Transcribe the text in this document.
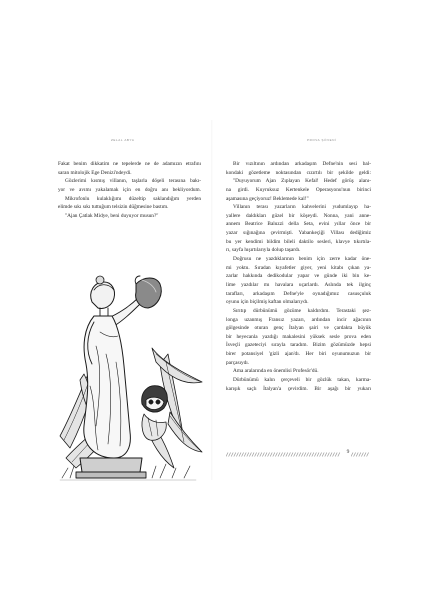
ZELAL ABYA
Fakat benim dikkatim ne tepelerde ne de adamızın etrafını
saran mitolojik Ege Denizi'ndeydi.
Gözlerimi kısmış villanın, taşlarla döşeli terasına bakı-
yor ve avımı yakalamak için en doğru anı bekliyordum.
Mikrofonlu kulaklığımı düzeltip saklandığım yerden
elimde sıkı sıkı tuttuğum telsizin düğmesine bastım.
"Ajan Çatlak Midye, beni duyuyor musun?"
PROVA ŞÖVENİ
Bir vızıltının ardından arkadaşım Defne'nin sesi bal-
kondaki gözetleme noktasından cızırtılı bir şekilde geldi:
"Duyuyorum Ajan Zıplayan Kefal! Hedef görüş alanı-
na girdi. Kuyruksuz Kertenkele Operasyonu'nun birinci
aşamasına geçiyoruz! Beklemede kal!"
Villanın terası yazarların kahvelerini yudumlayıp ha-
yallere daldıkları güzel bir köşeydi. Nonna, yani anne-
annem Beatrice Baluzzi della Seta, evini yıllar önce bir
yazar sığınağına çevirmişti. Yabankeçiği Villası dediğimiz
bu yer kendimi bildim bileli daktilo sesleri, klavye tıkırtıla-
rı, sayfa hışırtılarıyla dolup taşardı.
Doğrusu ne yazdıklarının benim için zerre kadar öne-
mi yoktu. Sıradan kıyafetler giyer, yeni kitabı çıkan ya-
zarlar hakkında dedikodular yapar ve günde iki bin ke-
lime yazdılar mı havalara uçarlardı. Aslında tek ilginç
tarafları, arkadaşım Defne'yle oynadığımız casusçuluk
oyunu için biçilmiş kaftan olmalarıydı.
Sırıtıp dürbünümü gözüme kaldırdım. Terastaki şez-
longa uzanmış Fransız yazarı, ardından incir ağacının
gölgesinde oturan genç İtalyan şairi ve çardakta büyük
bir heyecanla yazdığı makalesini yüksek sesle prova eden
İsveçli gazeteciyi sırayla taradım. Bizim gözümüzde hepsi
birer potansiyel 'gizli ajan'dı. Her biri oyunumuzun bir
parçasıydı.
Ama aralarında en önemlisi Profesör'dü.
Dürbünümü kalın çerçeveli bir gözlük takan, karma-
karışık saçlı İtalyan'a çevirdim. Bir aşağı bir yukarı
9
